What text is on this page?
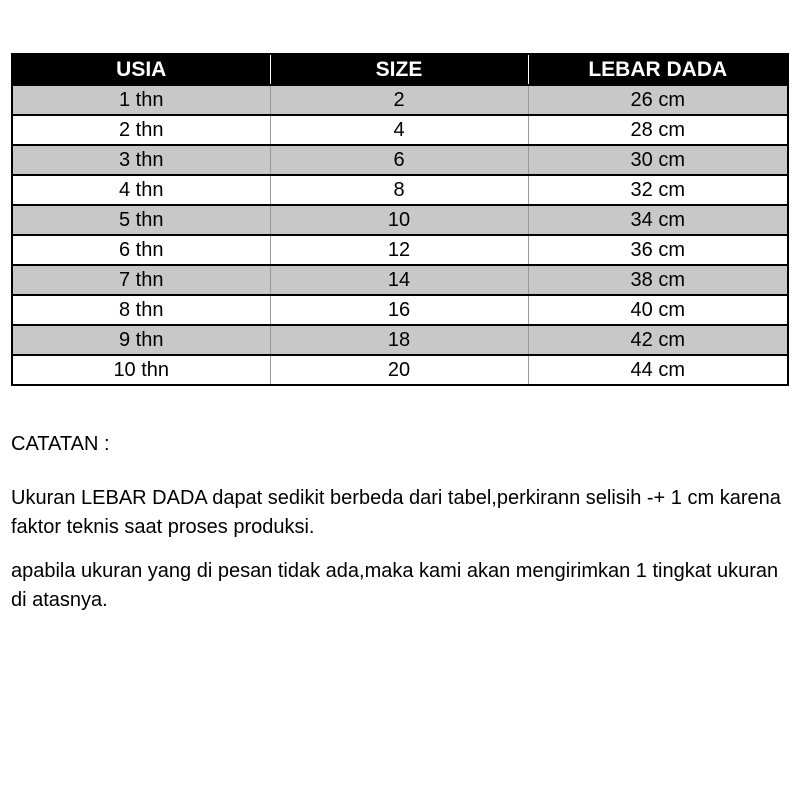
USIA	SIZE	LEBAR DADA
1 thn	2	26 cm
2 thn	4	28 cm
3 thn	6	30 cm
4 thn	8	32 cm
5 thn	10	34 cm
6 thn	12	36 cm
7 thn	14	38 cm
8 thn	16	40 cm
9 thn	18	42 cm
10 thn	20	44 cm

CATATAN :

Ukuran LEBAR DADA dapat sedikit berbeda dari tabel,perkirann selisih -+ 1 cm karena faktor teknis saat proses produksi.

apabila ukuran yang di pesan tidak ada,maka kami akan mengirimkan 1 tingkat ukuran di atasnya.
